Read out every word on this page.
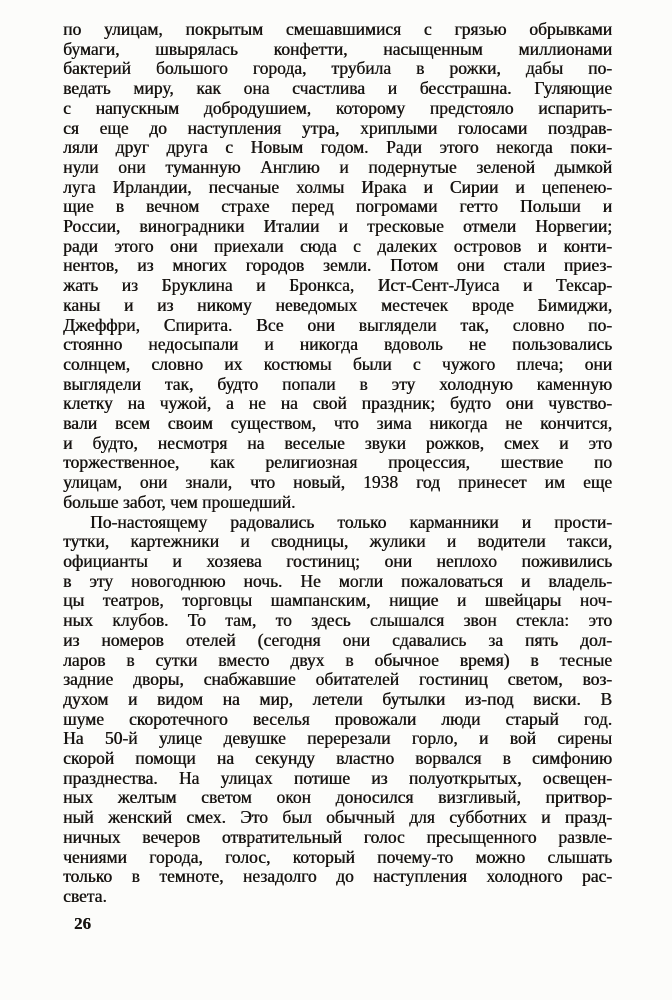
по улицам, покрытым смешавшимися с грязью обрывками
бумаги, швырялась конфетти, насыщенным миллионами
бактерий большого города, трубила в рожки, дабы по-
ведать миру, как она счастлива и бесстрашна. Гуляющие
с напускным добродушием, которому предстояло испарить-
ся еще до наступления утра, хриплыми голосами поздрав-
ляли друг друга с Новым годом. Ради этого некогда поки-
нули они туманную Англию и подернутые зеленой дымкой
луга Ирландии, песчаные холмы Ирака и Сирии и цепенею-
щие в вечном страхе перед погромами гетто Польши и
России, виноградники Италии и тресковые отмели Норвегии;
ради этого они приехали сюда с далеких островов и конти-
нентов, из многих городов земли. Потом они стали приез-
жать из Бруклина и Бронкса, Ист-Сент-Луиса и Тексар-
каны и из никому неведомых местечек вроде Бимиджи,
Джеффри, Спирита. Все они выглядели так, словно по-
стоянно недосыпали и никогда вдоволь не пользовались
солнцем, словно их костюмы были с чужого плеча; они
выглядели так, будто попали в эту холодную каменную
клетку на чужой, а не на свой праздник; будто они чувство-
вали всем своим существом, что зима никогда не кончится,
и будто, несмотря на веселые звуки рожков, смех и это
торжественное, как религиозная процессия, шествие по
улицам, они знали, что новый, 1938 год принесет им еще
больше забот, чем прошедший.
По-настоящему радовались только карманники и прости-
тутки, картежники и сводницы, жулики и водители такси,
официанты и хозяева гостиниц; они неплохо поживились
в эту новогоднюю ночь. Не могли пожаловаться и владель-
цы театров, торговцы шампанским, нищие и швейцары ноч-
ных клубов. То там, то здесь слышался звон стекла: это
из номеров отелей (сегодня они сдавались за пять дол-
ларов в сутки вместо двух в обычное время) в тесные
задние дворы, снабжавшие обитателей гостиниц светом, воз-
духом и видом на мир, летели бутылки из-под виски. В
шуме скоротечного веселья провожали люди старый год.
На 50-й улице девушке перерезали горло, и вой сирены
скорой помощи на секунду властно ворвался в симфонию
празднества. На улицах потише из полуоткрытых, освещен-
ных желтым светом окон доносился визгливый, притвор-
ный женский смех. Это был обычный для субботних и празд-
ничных вечеров отвратительный голос пресыщенного развле-
чениями города, голос, который почему-то можно слышать
только в темноте, незадолго до наступления холодного рас-
света.
26
